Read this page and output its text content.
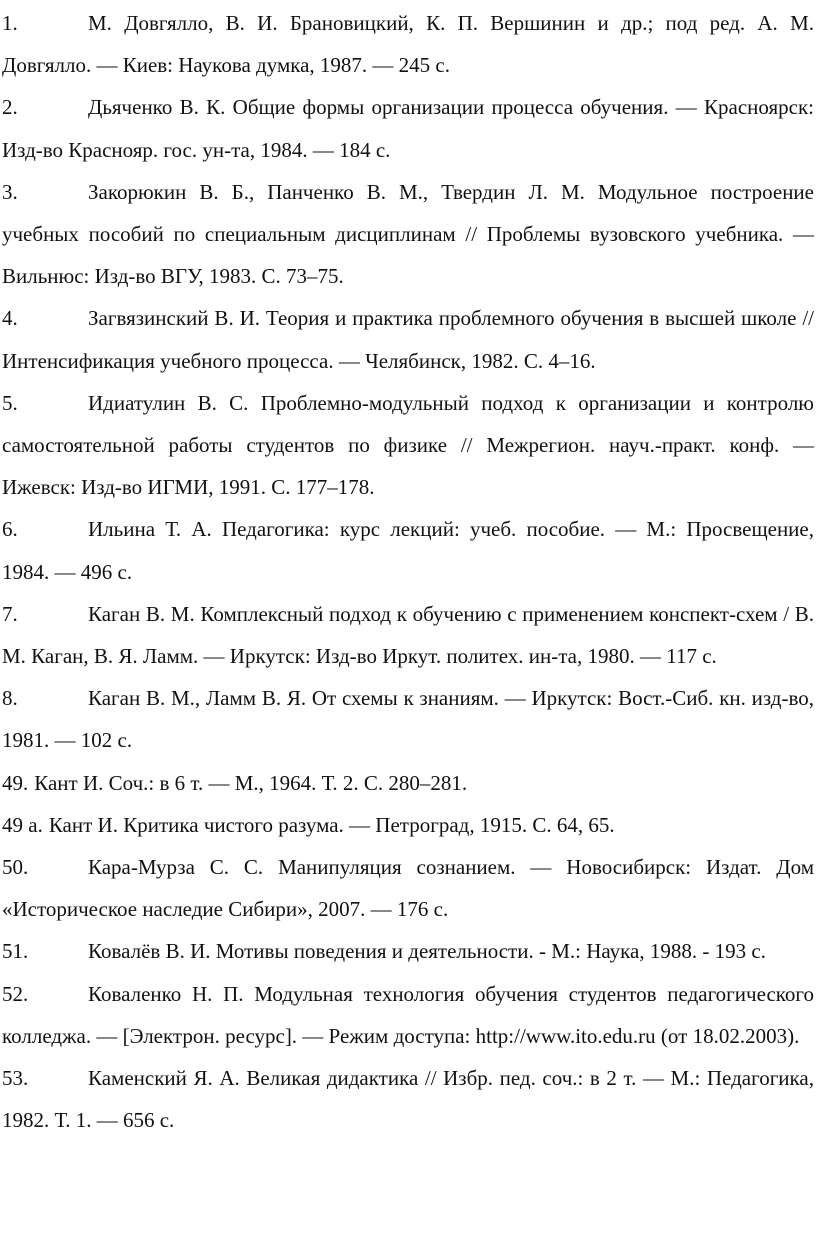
1.	М. Довгялло, В. И. Брановицкий, К. П. Вершинин и др.; под ред. А. М. Довгялло. — Киев: Наукова думка, 1987. — 245 с.

2.	Дьяченко В. К. Общие формы организации процесса обучения. — Красноярск: Изд-во Краснояр. гос. ун-та, 1984. — 184 с.

3.	Закорюкин В. Б., Панченко В. М., Твердин Л. М. Модульное построение учебных пособий по специальным дисциплинам // Проблемы вузовского учебника. — Вильнюс: Изд-во ВГУ, 1983. С. 73–75.

4.	Загвязинский В. И. Теория и практика проблемного обучения в высшей школе // Интенсификация учебного процесса. — Челябинск, 1982. С. 4–16.

5.	Идиатулин В. С. Проблемно-модульный подход к организации и контролю самостоятельной работы студентов по физике // Межрегион. науч.-практ. конф. — Ижевск: Изд-во ИГМИ, 1991. С. 177–178.

6.	Ильина Т. А. Педагогика: курс лекций: учеб. пособие. — М.: Просвещение, 1984. — 496 с.

7.	Каган В. М. Комплексный подход к обучению с применением конспект-схем / В. М. Каган, В. Я. Ламм. — Иркутск: Изд-во Иркут. политех. ин-та, 1980. — 117 с.

8.	Каган В. М., Ламм В. Я. От схемы к знаниям. — Иркутск: Вост.-Сиб. кн. изд-во, 1981. — 102 с.

49. Кант И. Соч.: в 6 т. — М., 1964. Т. 2. С. 280–281.

49 а. Кант И. Критика чистого разума. — Петроград, 1915. С. 64, 65.

50.	Кара-Мурза С. С. Манипуляция сознанием. — Новосибирск: Издат. Дом «Историческое наследие Сибири», 2007. — 176 с.

51.	Ковалёв В. И. Мотивы поведения и деятельности. - М.: Наука, 1988. - 193 с.

52.	Коваленко Н. П. Модульная технология обучения студентов педагогического колледжа. — [Электрон. ресурс]. — Режим доступа: http://www.ito.edu.ru (от 18.02.2003).

53.	Каменский Я. А. Великая дидактика // Избр. пед. соч.: в 2 т. — М.: Педагогика, 1982. Т. 1. — 656 с.
